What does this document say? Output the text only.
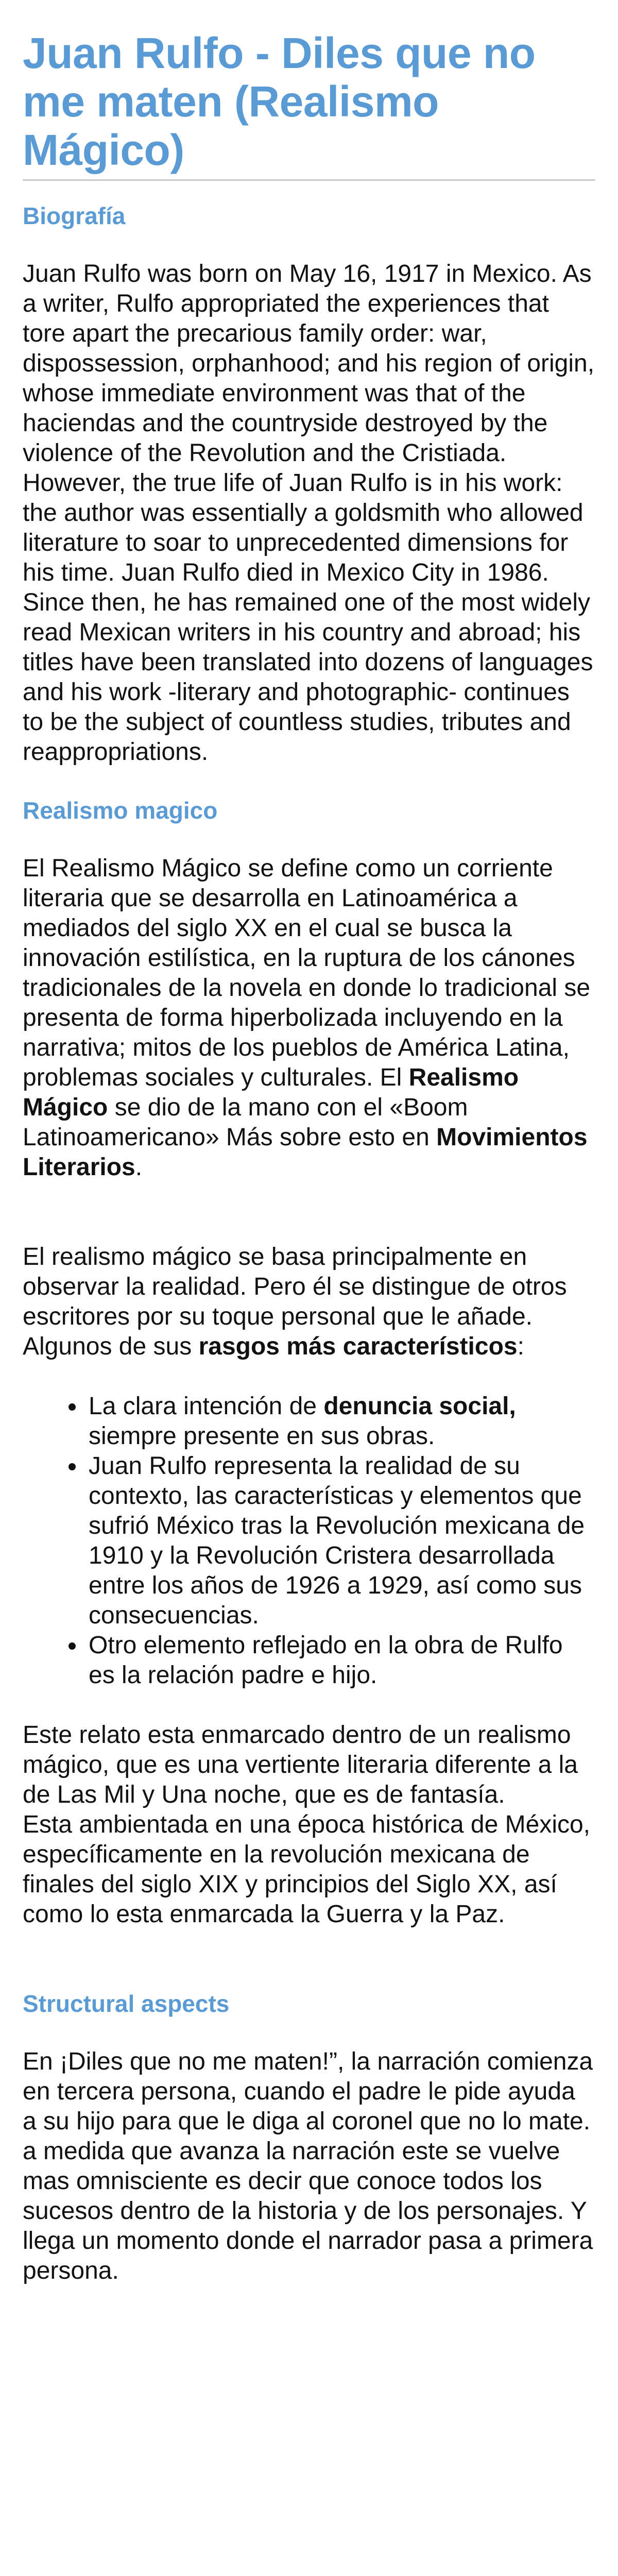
Juan Rulfo - Diles que no me maten (Realismo Mágico)
Biografía

Juan Rulfo was born on May 16, 1917 in Mexico. As a writer, Rulfo appropriated the experiences that tore apart the precarious family order: war, dispossession, orphanhood; and his region of origin, whose immediate environment was that of the haciendas and the countryside destroyed by the violence of the Revolution and the Cristiada. However, the true life of Juan Rulfo is in his work: the author was essentially a goldsmith who allowed literature to soar to unprecedented dimensions for his time. Juan Rulfo died in Mexico City in 1986. Since then, he has remained one of the most widely read Mexican writers in his country and abroad; his titles have been translated into dozens of languages and his work -literary and photographic- continues to be the subject of countless studies, tributes and reappropriations.

Realismo magico

El Realismo Mágico se define como un corriente literaria que se desarrolla en Latinoamérica a mediados del siglo XX en el cual se busca la innovación estilística, en la ruptura de los cánones tradicionales de la novela en donde lo tradicional se presenta de forma hiperbolizada incluyendo en la narrativa; mitos de los pueblos de América Latina, problemas sociales y culturales. El Realismo Mágico se dio de la mano con el «Boom Latinoamericano» Más sobre esto en Movimientos Literarios.

El realismo mágico se basa principalmente en observar la realidad. Pero él se distingue de otros escritores por su toque personal que le añade. Algunos de sus rasgos más característicos:

• La clara intención de denuncia social, siempre presente en sus obras.
• Juan Rulfo representa la realidad de su contexto, las características y elementos que sufrió México tras la Revolución mexicana de 1910 y la Revolución Cristera desarrollada entre los años de 1926 a 1929, así como sus consecuencias.
• Otro elemento reflejado en la obra de Rulfo es la relación padre e hijo.

Este relato esta enmarcado dentro de un realismo mágico, que es una vertiente literaria diferente a la de Las Mil y Una noche, que es de fantasía.

Esta ambientada en una época histórica de México, específicamente en la revolución mexicana de finales del siglo XIX y principios del Siglo XX, así como lo esta enmarcada la Guerra y la Paz.

Structural aspects

En ¡Diles que no me maten!”, la narración comienza en tercera persona, cuando el padre le pide ayuda a su hijo para que le diga al coronel que no lo mate. a medida que avanza la narración este se vuelve mas omnisciente es decir que conoce todos los sucesos dentro de la historia y de los personajes. Y llega un momento donde el narrador pasa a primera persona.
